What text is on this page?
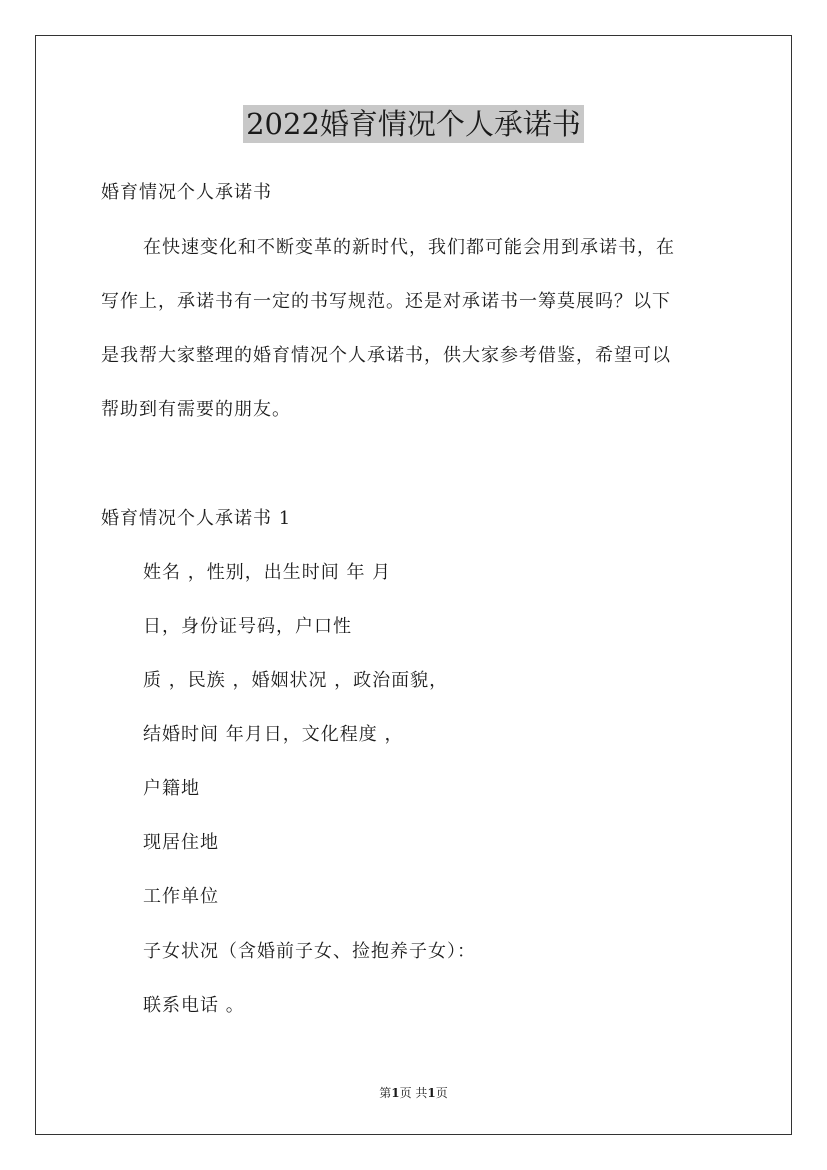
2022婚育情况个人承诺书

婚育情况个人承诺书

在快速变化和不断变革的新时代，我们都可能会用到承诺书，在

写作上，承诺书有一定的书写规范。还是对承诺书一筹莫展吗？以下

是我帮大家整理的婚育情况个人承诺书，供大家参考借鉴，希望可以

帮助到有需要的朋友。

婚育情况个人承诺书 1

姓名 ，性别，出生时间 年 月

日，身份证号码，户口性

质 ，民族 ，婚姻状况 ，政治面貌，

结婚时间 年月日，文化程度 ，

户籍地

现居住地

工作单位

子女状况（含婚前子女、捡抱养子女）：

联系电话 。

第1页 共1页
